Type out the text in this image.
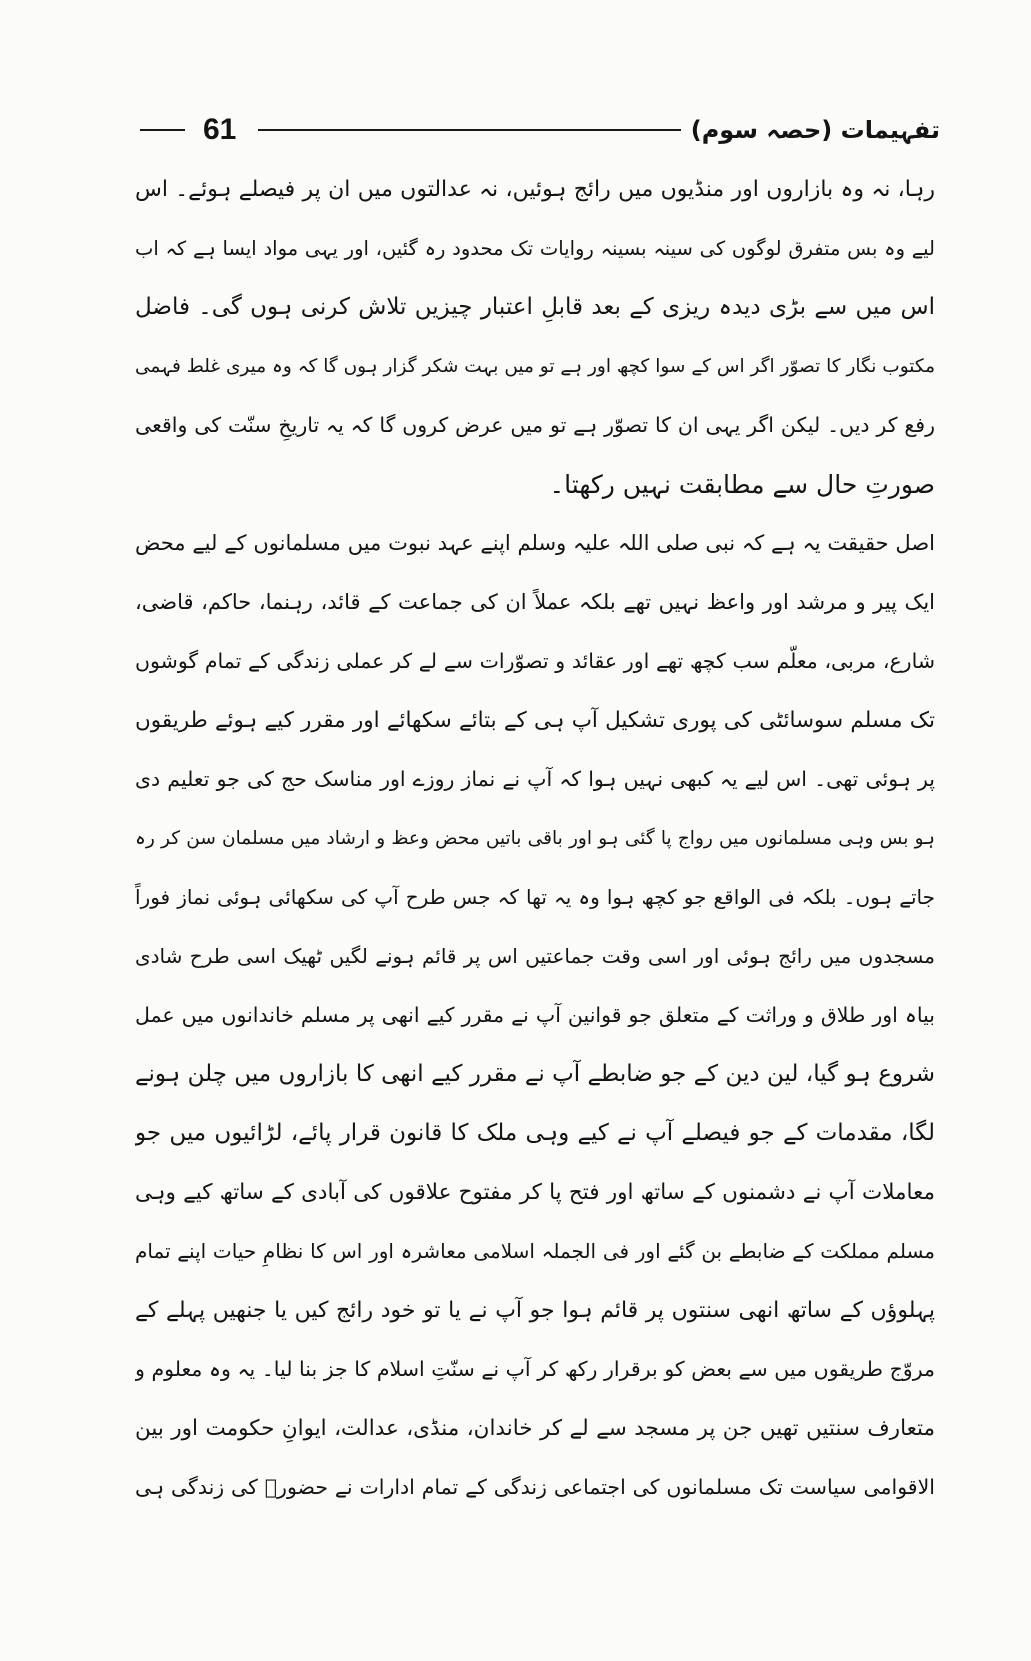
61	تفہیمات (حصہ سوم)
رہا، نہ وہ بازاروں اور منڈیوں میں رائج ہوئیں، نہ عدالتوں میں ان پر فیصلے ہوئے۔ اس
لیے وہ بس متفرق لوگوں کی سینہ بسینہ روایات تک محدود رہ گئیں، اور یہی مواد ایسا ہے کہ اب
اس میں سے بڑی دیدہ ریزی کے بعد قابلِ اعتبار چیزیں تلاش کرنی ہوں گی۔ فاضل
مکتوب نگار کا تصوّر اگر اس کے سوا کچھ اور ہے تو میں بہت شکر گزار ہوں گا کہ وہ میری غلط فہمی
رفع کر دیں۔ لیکن اگر یہی ان کا تصوّر ہے تو میں عرض کروں گا کہ یہ تاریخِ سنّت کی واقعی
صورتِ حال سے مطابقت نہیں رکھتا۔
اصل حقیقت یہ ہے کہ نبی صلی اللہ علیہ وسلم اپنے عہد نبوت میں مسلمانوں کے لیے محض
ایک پیر و مرشد اور واعظ نہیں تھے بلکہ عملاً ان کی جماعت کے قائد، رہنما، حاکم، قاضی،
شارع، مربی، معلّم سب کچھ تھے اور عقائد و تصوّرات سے لے کر عملی زندگی کے تمام گوشوں
تک مسلم سوسائٹی کی پوری تشکیل آپ ہی کے بتائے سکھائے اور مقرر کیے ہوئے طریقوں
پر ہوئی تھی۔ اس لیے یہ کبھی نہیں ہوا کہ آپ نے نماز روزے اور مناسک حج کی جو تعلیم دی
ہو بس وہی مسلمانوں میں رواج پا گئی ہو اور باقی باتیں محض وعظ و ارشاد میں مسلمان سن کر رہ
جاتے ہوں۔ بلکہ فی الواقع جو کچھ ہوا وہ یہ تھا کہ جس طرح آپ کی سکھائی ہوئی نماز فوراً
مسجدوں میں رائج ہوئی اور اسی وقت جماعتیں اس پر قائم ہونے لگیں ٹھیک اسی طرح شادی
بیاہ اور طلاق و وراثت کے متعلق جو قوانین آپ نے مقرر کیے انھی پر مسلم خاندانوں میں عمل
شروع ہو گیا، لین دین کے جو ضابطے آپ نے مقرر کیے انھی کا بازاروں میں چلن ہونے
لگا، مقدمات کے جو فیصلے آپ نے کیے وہی ملک کا قانون قرار پائے، لڑائیوں میں جو
معاملات آپ نے دشمنوں کے ساتھ اور فتح پا کر مفتوح علاقوں کی آبادی کے ساتھ کیے وہی
مسلم مملکت کے ضابطے بن گئے اور فی الجملہ اسلامی معاشرہ اور اس کا نظامِ حیات اپنے تمام
پہلوؤں کے ساتھ انھی سنتوں پر قائم ہوا جو آپ نے یا تو خود رائج کیں یا جنھیں پہلے کے
مروّج طریقوں میں سے بعض کو برقرار رکھ کر آپ نے سنّتِ اسلام کا جز بنا لیا۔ یہ وہ معلوم و
متعارف سنتیں تھیں جن پر مسجد سے لے کر خاندان، منڈی، عدالت، ایوانِ حکومت اور بین
الاقوامی سیاست تک مسلمانوں کی اجتماعی زندگی کے تمام ادارات نے حضورؐ کی زندگی ہی
